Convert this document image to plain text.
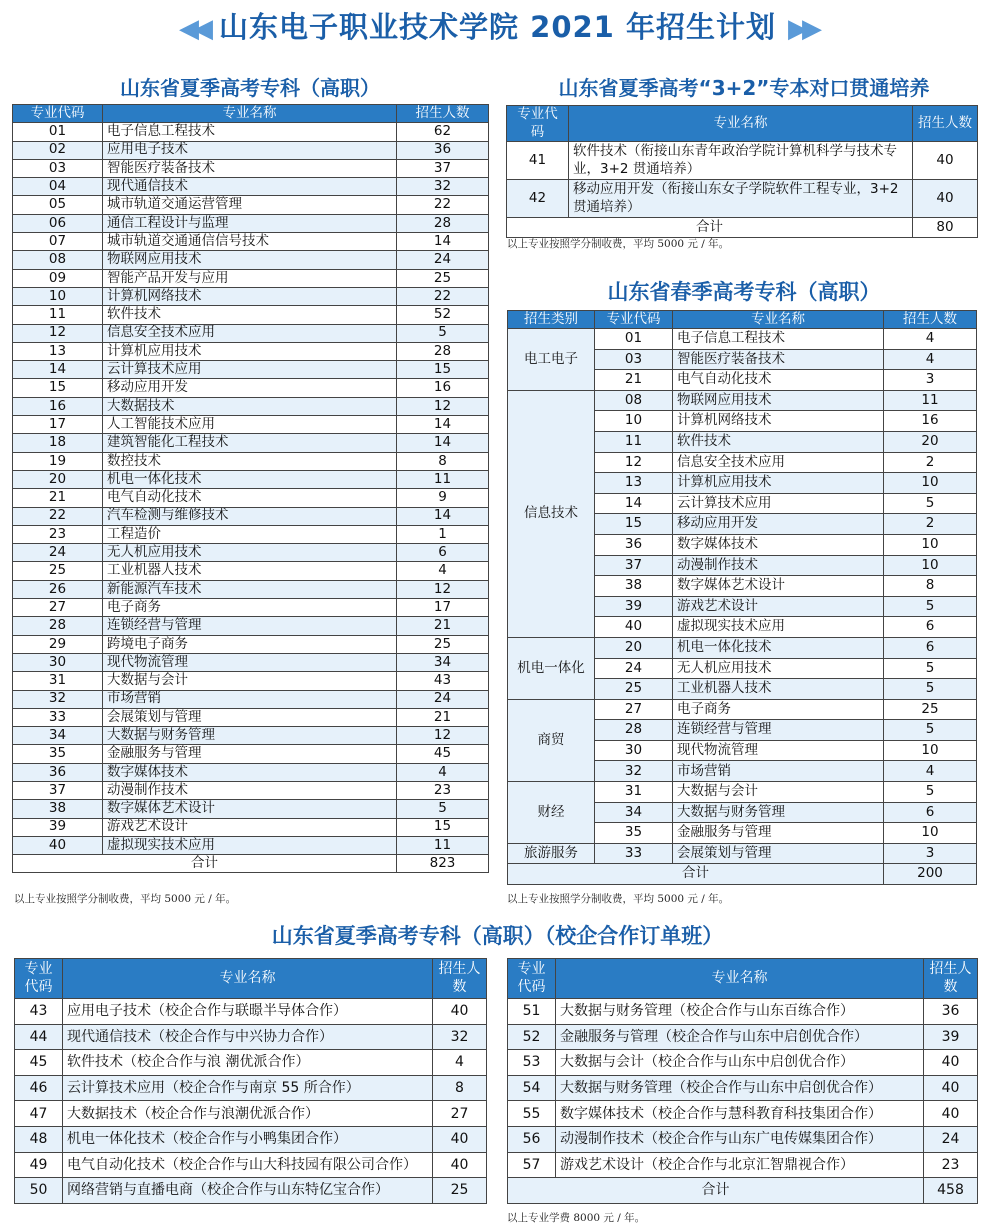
◀◀ 山东电子职业技术学院 2021 年招生计划 ▶▶
山东省夏季高考专科（高职）
专业代码	专业名称	招生人数
01	电子信息工程技术	62
02	应用电子技术	36
03	智能医疗装备技术	37
04	现代通信技术	32
05	城市轨道交通运营管理	22
06	通信工程设计与监理	28
07	城市轨道交通通信信号技术	14
08	物联网应用技术	24
09	智能产品开发与应用	25
10	计算机网络技术	22
11	软件技术	52
12	信息安全技术应用	5
13	计算机应用技术	28
14	云计算技术应用	15
15	移动应用开发	16
16	大数据技术	12
17	人工智能技术应用	14
18	建筑智能化工程技术	14
19	数控技术	8
20	机电一体化技术	11
21	电气自动化技术	9
22	汽车检测与维修技术	14
23	工程造价	1
24	无人机应用技术	6
25	工业机器人技术	4
26	新能源汽车技术	12
27	电子商务	17
28	连锁经营与管理	21
29	跨境电子商务	25
30	现代物流管理	34
31	大数据与会计	43
32	市场营销	24
33	会展策划与管理	21
34	大数据与财务管理	12
35	金融服务与管理	45
36	数字媒体技术	4
37	动漫制作技术	23
38	数字媒体艺术设计	5
39	游戏艺术设计	15
40	虚拟现实技术应用	11
合计		823
以上专业按照学分制收费，平均 5000 元 / 年。
山东省夏季高考“3+2”专本对口贯通培养
专业代码	专业名称	招生人数
41	软件技术（衔接山东青年政治学院计算机科学与技术专业，3+2 贯通培养）	40
42	移动应用开发（衔接山东女子学院软件工程专业，3+2 贯通培养）	40
合计		80
以上专业按照学分制收费，平均 5000 元 / 年。
山东省春季高考专科（高职）
招生类别	专业代码	专业名称	招生人数
电工电子	01	电子信息工程技术	4
	03	智能医疗装备技术	4
	21	电气自动化技术	3
信息技术	08	物联网应用技术	11
	10	计算机网络技术	16
	11	软件技术	20
	12	信息安全技术应用	2
	13	计算机应用技术	10
	14	云计算技术应用	5
	15	移动应用开发	2
	36	数字媒体技术	10
	37	动漫制作技术	10
	38	数字媒体艺术设计	8
	39	游戏艺术设计	5
	40	虚拟现实技术应用	6
机电一体化	20	机电一体化技术	6
	24	无人机应用技术	5
	25	工业机器人技术	5
商贸	27	电子商务	25
	28	连锁经营与管理	5
	30	现代物流管理	10
	32	市场营销	4
财经	31	大数据与会计	5
	34	大数据与财务管理	6
	35	金融服务与管理	10
旅游服务	33	会展策划与管理	3
合计			200
以上专业按照学分制收费，平均 5000 元 / 年。
山东省夏季高考专科（高职）（校企合作订单班）
专业代码	专业名称	招生人数
43	应用电子技术（校企合作与联暻半导体合作）	40
44	现代通信技术（校企合作与中兴协力合作）	32
45	软件技术（校企合作与浪 潮优派合作）	4
46	云计算技术应用（校企合作与南京 55 所合作）	8
47	大数据技术（校企合作与浪潮优派合作）	27
48	机电一体化技术（校企合作与小鸭集团合作）	40
49	电气自动化技术（校企合作与山大科技园有限公司合作）	40
50	网络营销与直播电商（校企合作与山东特亿宝合作）	25
专业代码	专业名称	招生人数
51	大数据与财务管理（校企合作与山东百练合作）	36
52	金融服务与管理（校企合作与山东中启创优合作）	39
53	大数据与会计（校企合作与山东中启创优合作）	40
54	大数据与财务管理（校企合作与山东中启创优合作）	40
55	数字媒体技术（校企合作与慧科教育科技集团合作）	40
56	动漫制作技术（校企合作与山东广电传媒集团合作）	24
57	游戏艺术设计（校企合作与北京汇智鼎视合作）	23
合计		458
以上专业学费 8000 元 / 年。
